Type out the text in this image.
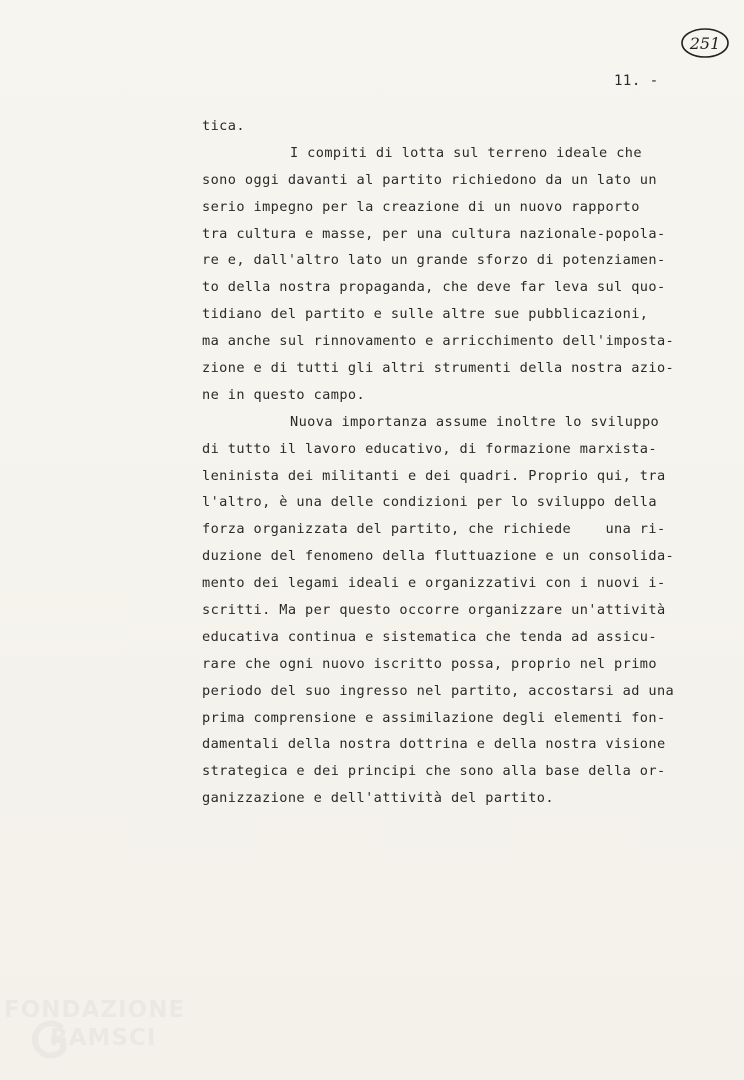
251
11. -
tica.
I compiti di lotta sul terreno ideale che
sono oggi davanti al partito richiedono da un lato un
serio impegno per la creazione di un nuovo rapporto
tra cultura e masse, per una cultura nazionale-popola-
re e, dall'altro lato un grande sforzo di potenziamen-
to della nostra propaganda, che deve far leva sul quo-
tidiano del partito e sulle altre sue pubblicazioni,
ma anche sul rinnovamento e arricchimento dell'imposta-
zione e di tutti gli altri strumenti della nostra azio-
ne in questo campo.
Nuova importanza assume inoltre lo sviluppo
di tutto il lavoro educativo, di formazione marxista-
leninista dei militanti e dei quadri. Proprio qui, tra
l'altro, è una delle condizioni per lo sviluppo della
forza organizzata del partito, che richiede    una ri-
duzione del fenomeno della fluttuazione e un consolida-
mento dei legami ideali e organizzativi con i nuovi i-
scritti. Ma per questo occorre organizzare un'attività
educativa continua e sistematica che tenda ad assicu-
rare che ogni nuovo iscritto possa, proprio nel primo
periodo del suo ingresso nel partito, accostarsi ad una
prima comprensione e assimilazione degli elementi fon-
damentali della nostra dottrina e della nostra visione
strategica e dei principi che sono alla base della or-
ganizzazione e dell'attività del partito.
FONDAZIONE
RAMSCI
